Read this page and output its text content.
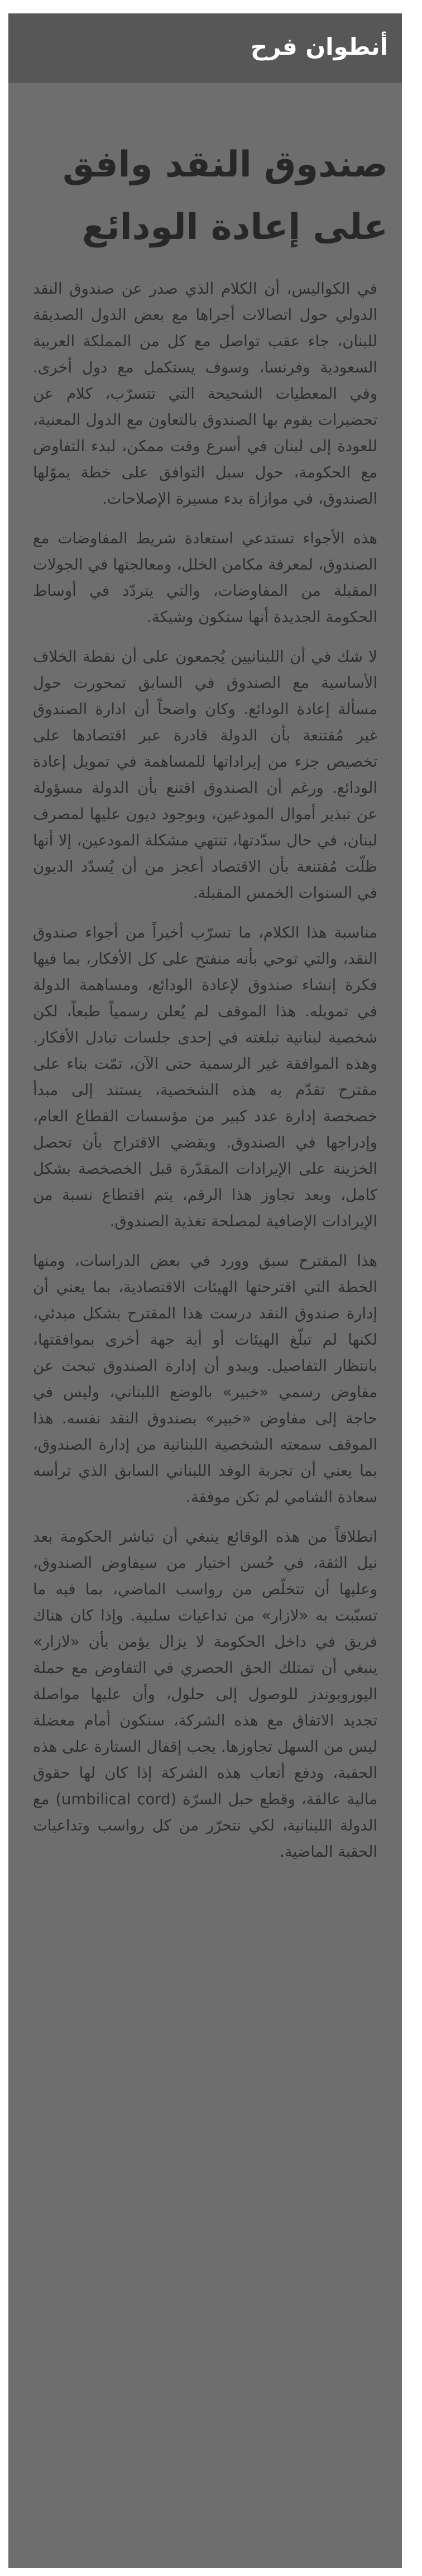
أنطوان فرح
صندوق النقد وافق على إعادة الودائع

في الكواليس، أن الكلام الذي صدر عن صندوق النقد الدولي حول اتصالات أجراها مع بعض الدول الصديقة للبنان، جاء عقب تواصل مع كل من المملكة العربية السعودية وفرنسا، وسوف يستكمل مع دول أخرى. وفي المعطيات الشحيحة التي تتسرّب، كلام عن تحضيرات يقوم بها الصندوق بالتعاون مع الدول المعنية، للعودة إلى لبنان في أسرع وقت ممكن، لبدء التفاوض مع الحكومة، حول سبل التوافق على خطة يموّلها الصندوق، في موازاة بدء مسيرة الإصلاحات.

هذه الأجواء تستدعي استعادة شريط المفاوضات مع الصندوق، لمعرفة مكامن الخلل، ومعالجتها في الجولات المقبلة من المفاوضات، والتي يتردّد في أوساط الحكومة الجديدة أنها ستكون وشيكة.

لا شك في أن اللبنانيين يُجمعون على أن نقطة الخلاف الأساسية مع الصندوق في السابق تمحورت حول مسألة إعادة الودائع. وكان واضحاً أن ادارة الصندوق غير مُقتنعة بأن الدولة قادرة عبر اقتصادها على تخصيص جزء من إيراداتها للمساهمة في تمويل إعادة الودائع. ورغم أن الصندوق اقتنع بأن الدولة مسؤولة عن تبذير أموال المودعين، وبوجود ديون عليها لمصرف لبنان، في حال سدّدتها، تنتهي مشكلة المودعين، إلا أنها ظلّت مُقتنعة بأن الاقتصاد أعجز من أن يُسدّد الديون في السنوات الخمس المقبلة.

مناسبة هذا الكلام، ما تسرّب أخيراً من أجواء صندوق النقد، والتي توحي بأنه منفتح على كل الأفكار، بما فيها فكرة إنشاء صندوق لإعادة الودائع، ومساهمة الدولة في تمويله. هذا الموقف لم يُعلن رسمياً طبعاً، لكن شخصية لبنانية تبلغته في إحدى جلسات تبادل الأفكار. وهذه الموافقة غير الرسمية حتى الآن، تمّت بناء على مقترح تقدّم به هذه الشخصية، يستند إلى مبدأ خصخصة إدارة عدد كبير من مؤسسات القطاع العام، وإدراجها في الصندوق. ويقضي الاقتراح بأن تحصل الخزينة على الإيرادات المقدّرة قبل الخصخصة بشكل كامل، وبعد تجاوز هذا الرقم، يتم اقتطاع نسبة من الإيرادات الإضافية لمصلحة تغذية الصندوق.

هذا المقترح سبق وورد في بعض الدراسات، ومنها الخطة التي اقترحتها الهيئات الاقتصادية، بما يعني أن إدارة صندوق النقد درست هذا المقترح بشكل مبدئي، لكنها لم تبلّغ الهيئات أو أية جهة أخرى بموافقتها، بانتظار التفاصيل. ويبدو أن إدارة الصندوق تبحث عن مفاوض رسمي «خبير» بالوضع اللبناني، وليس في حاجة إلى مفاوض «خبير» بصندوق النقد نفسه. هذا الموقف سمعته الشخصية اللبنانية من إدارة الصندوق، بما يعني أن تجربة الوفد اللبناني السابق الذي ترأسه سعادة الشامي لم تكن موفقة.

انطلاقاً من هذه الوقائع ينبغي أن تباشر الحكومة بعد نيل الثقة، في حُسن اختيار من سيفاوض الصندوق، وعليها أن تتخلّص من رواسب الماضي، بما فيه ما تسبّبت به «لازار» من تداعيات سلبية. وإذا كان هناك فريق في داخل الحكومة لا يزال يؤمن بأن «لازار» ينبغي أن تمتلك الحق الحصري في التفاوض مع حملة اليوروبوندز للوصول إلى حلول، وأن عليها مواصلة تجديد الاتفاق مع هذه الشركة، سنكون أمام معضلة ليس من السهل تجاوزها. يجب إقفال الستارة على هذه الحقبة، ودفع أتعاب هذه الشركة إذا كان لها حقوق مالية عالقة، وقطع حبل السرّة (umbilical cord) مع الدولة اللبنانية، لكي نتحرّر من كل رواسب وتداعيات الحقبة الماضية.
